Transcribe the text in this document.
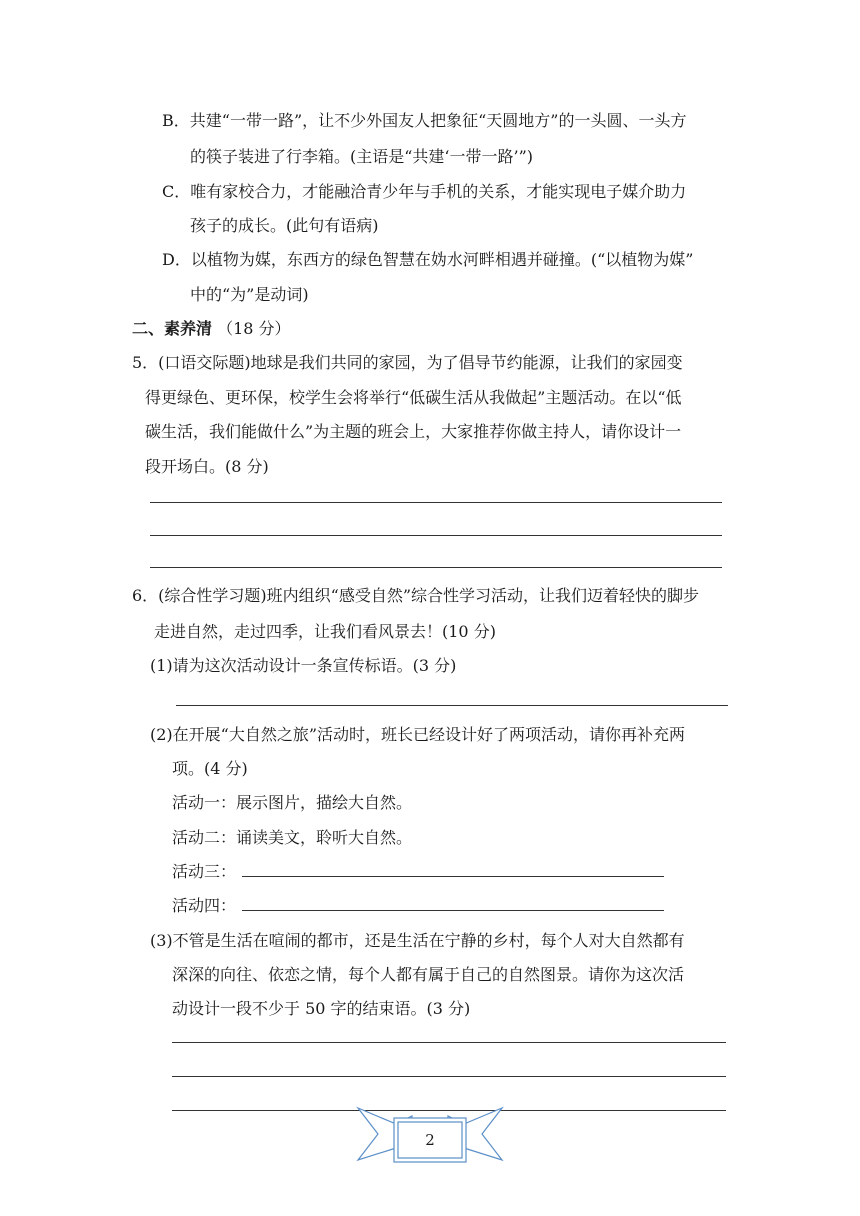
B．共建“一带一路”，让不少外国友人把象征“天圆地方”的一头圆、一头方
的筷子装进了行李箱。(主语是“共建‘一带一路’”)
C．唯有家校合力，才能融洽青少年与手机的关系，才能实现电子媒介助力
孩子的成长。(此句有语病)
D．以植物为媒，东西方的绿色智慧在妫水河畔相遇并碰撞。(“以植物为媒”
中的“为”是动词)
二、素养清 （18 分）
5．(口语交际题)地球是我们共同的家园，为了倡导节约能源，让我们的家园变
得更绿色、更环保，校学生会将举行“低碳生活从我做起”主题活动。在以“低
碳生活，我们能做什么”为主题的班会上，大家推荐你做主持人，请你设计一
段开场白。(8 分)
6．(综合性学习题)班内组织“感受自然”综合性学习活动，让我们迈着轻快的脚步
走进自然，走过四季，让我们看风景去！(10 分)
(1)请为这次活动设计一条宣传标语。(3 分)
(2)在开展“大自然之旅”活动时，班长已经设计好了两项活动，请你再补充两
项。(4 分)
活动一：展示图片，描绘大自然。
活动二：诵读美文，聆听大自然。
活动三：
活动四：
(3)不管是生活在喧闹的都市，还是生活在宁静的乡村，每个人对大自然都有
深深的向往、依恋之情，每个人都有属于自己的自然图景。请你为这次活
动设计一段不少于 50 字的结束语。(3 分)
2
